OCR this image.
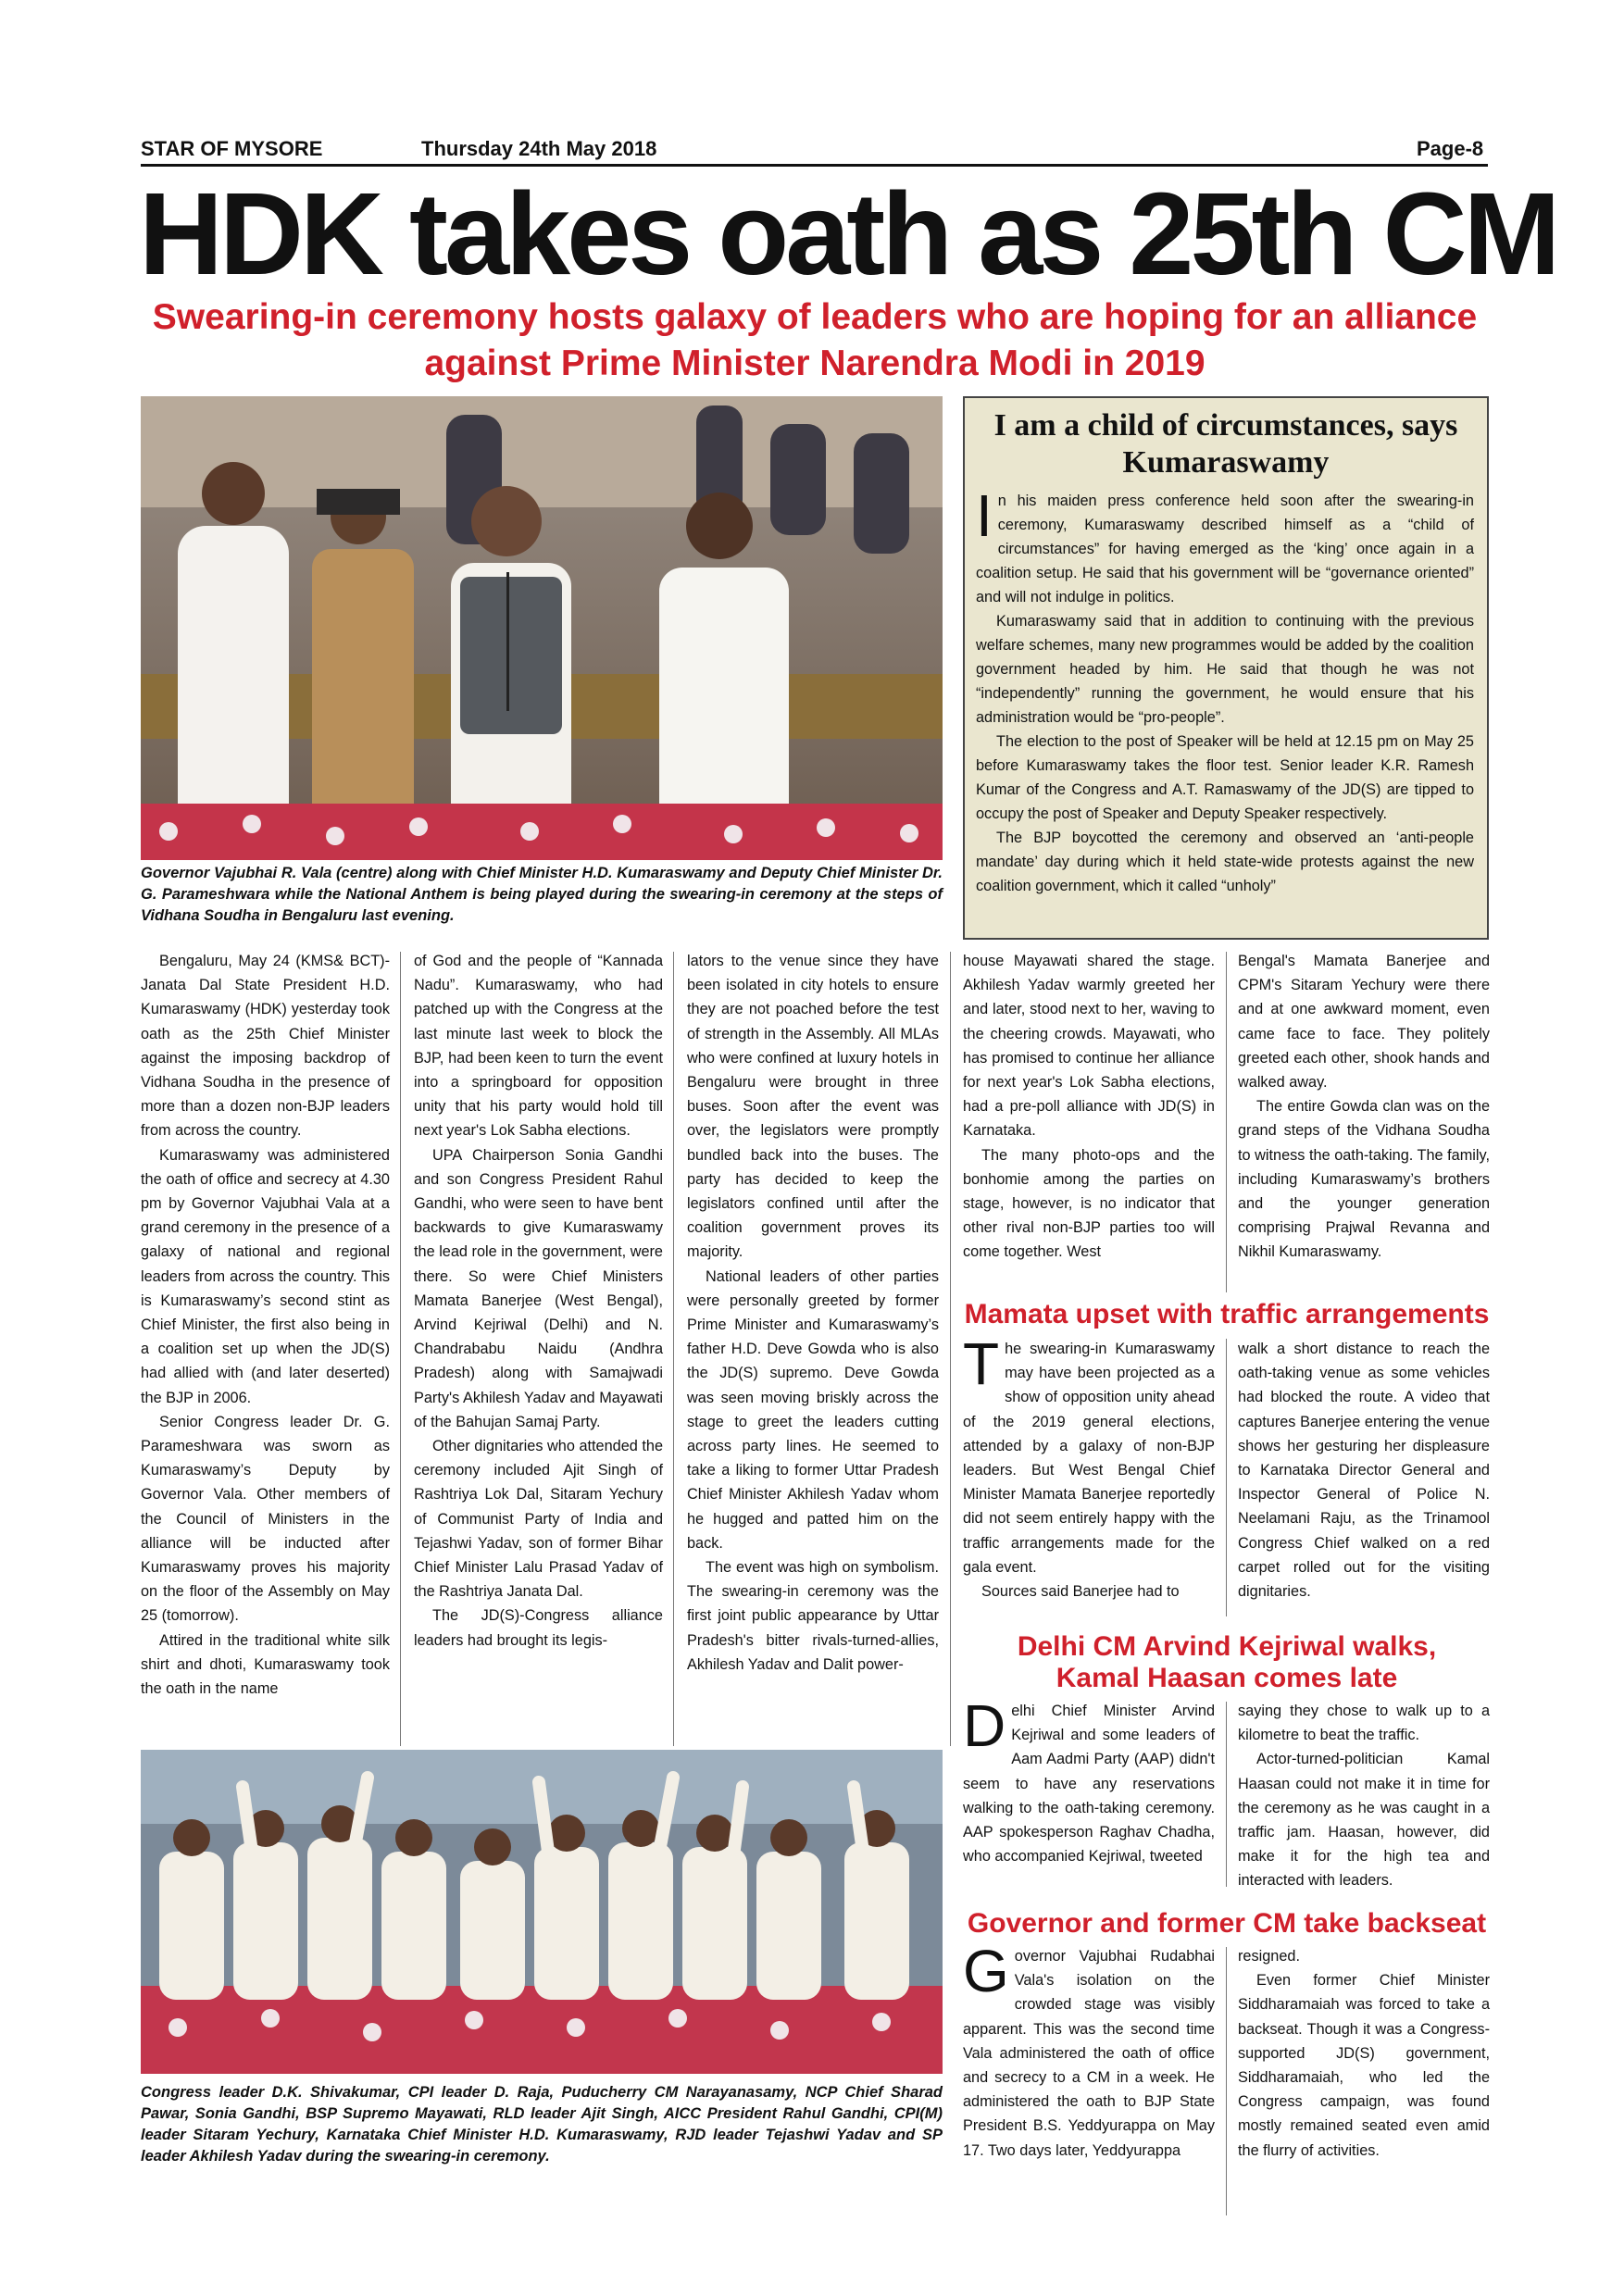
STAR OF MYSORE	Thursday 24th May 2018	Page-8
HDK takes oath as 25th CM
Swearing-in ceremony hosts galaxy of leaders who are hoping for an alliance against Prime Minister Narendra Modi in 2019
Governor Vajubhai R. Vala (centre) along with Chief Minister H.D. Kumaraswamy and Deputy Chief Minister Dr. G. Parameshwara while the National Anthem is being played during the swearing-in ceremony at the steps of Vidhana Soudha in Bengaluru last evening.
I am a child of circumstances, says Kumaraswamy

In his maiden press conference held soon after the swearing-in ceremony, Kumaraswamy described himself as a “child of circumstances” for having emerged as the ‘king’ once again in a coalition setup. He said that his government will be “governance oriented” and will not indulge in politics.

Kumaraswamy said that in addition to continuing with the previous welfare schemes, many new programmes would be added by the coalition government headed by him. He said that though he was not “independently” running the government, he would ensure that his administration would be “pro-people”.

The election to the post of Speaker will be held at 12.15 pm on May 25 before Kumaraswamy takes the floor test. Senior leader K.R. Ramesh Kumar of the Congress and A.T. Ramaswamy of the JD(S) are tipped to occupy the post of Speaker and Deputy Speaker respectively.

The BJP boycotted the ceremony and observed an ‘anti-people mandate’ day during which it held state-wide protests against the new coalition government, which it called “unholy”

Bengaluru, May 24 (KMS& BCT)- Janata Dal State President H.D. Kumaraswamy (HDK) yesterday took oath as the 25th Chief Minister against the imposing backdrop of Vidhana Soudha in the presence of more than a dozen non-BJP leaders from across the country.

Kumaraswamy was administered the oath of office and secrecy at 4.30 pm by Governor Vajubhai Vala at a grand ceremony in the presence of a galaxy of national and regional leaders from across the country. This is Kumaraswamy’s second stint as Chief Minister, the first also being in a coalition set up when the JD(S) had allied with (and later deserted) the BJP in 2006.

Senior Congress leader Dr. G. Parameshwara was sworn as Kumaraswamy’s Deputy by Governor Vala. Other members of the Council of Ministers in the alliance will be inducted after Kumaraswamy proves his majority on the floor of the Assembly on May 25 (tomorrow).

Attired in the traditional white silk shirt and dhoti, Kumaraswamy took the oath in the name

of God and the people of “Kannada Nadu”. Kumaraswamy, who had patched up with the Congress at the last minute last week to block the BJP, had been keen to turn the event into a springboard for opposition unity that his party would hold till next year's Lok Sabha elections.

UPA Chairperson Sonia Gandhi and son Congress President Rahul Gandhi, who were seen to have bent backwards to give Kumaraswamy the lead role in the government, were there. So were Chief Ministers Mamata Banerjee (West Bengal), Arvind Kejriwal (Delhi) and N. Chandrababu Naidu (Andhra Pradesh) along with Samajwadi Party's Akhilesh Yadav and Mayawati of the Bahujan Samaj Party.

Other dignitaries who attended the ceremony included Ajit Singh of Rashtriya Lok Dal, Sitaram Yechury of Communist Party of India and Tejashwi Yadav, son of former Bihar Chief Minister Lalu Prasad Yadav of the Rashtriya Janata Dal.

The JD(S)-Congress alliance leaders had brought its legis-

lators to the venue since they have been isolated in city hotels to ensure they are not poached before the test of strength in the Assembly. All MLAs who were confined at luxury hotels in Bengaluru were brought in three buses. Soon after the event was over, the legislators were promptly bundled back into the buses. The party has decided to keep the legislators confined until after the coalition government proves its majority.

National leaders of other parties were personally greeted by former Prime Minister and Kumaraswamy’s father H.D. Deve Gowda who is also the JD(S) supremo. Deve Gowda was seen moving briskly across the stage to greet the leaders cutting across party lines. He seemed to take a liking to former Uttar Pradesh Chief Minister Akhilesh Yadav whom he hugged and patted him on the back.

The event was high on symbolism. The swearing-in ceremony was the first joint public appearance by Uttar Pradesh's bitter rivals-turned-allies, Akhilesh Yadav and Dalit power-

house Mayawati shared the stage. Akhilesh Yadav warmly greeted her and later, stood next to her, waving to the cheering crowds. Mayawati, who has promised to continue her alliance for next year's Lok Sabha elections, had a pre-poll alliance with JD(S) in Karnataka.

The many photo-ops and the bonhomie among the parties on stage, however, is no indicator that other rival non-BJP parties too will come together. West

Bengal's Mamata Banerjee and CPM's Sitaram Yechury were there and at one awkward moment, even came face to face. They politely greeted each other, shook hands and walked away.

The entire Gowda clan was on the grand steps of the Vidhana Soudha to witness the oath-taking. The family, including Kumaraswamy’s brothers and the younger generation comprising Prajwal Revanna and Nikhil Kumaraswamy.

Mamata upset with traffic arrangements

The swearing-in Kumaraswamy may have been projected as a show of opposition unity ahead of the 2019 general elections, attended by a galaxy of non-BJP leaders. But West Bengal Chief Minister Mamata Banerjee reportedly did not seem entirely happy with the traffic arrangements made for the gala event.

Sources said Banerjee had to

walk a short distance to reach the oath-taking venue as some vehicles had blocked the route. A video that captures Banerjee entering the venue shows her gesturing her displeasure to Karnataka Director General and Inspector General of Police N. Neelamani Raju, as the Trinamool Congress Chief walked on a red carpet rolled out for the visiting dignitaries.

Delhi CM Arvind Kejriwal walks, Kamal Haasan comes late

Delhi Chief Minister Arvind Kejriwal and some leaders of Aam Aadmi Party (AAP) didn't seem to have any reservations walking to the oath-taking ceremony. AAP spokesperson Raghav Chadha, who accompanied Kejriwal, tweeted

saying they chose to walk up to a kilometre to beat the traffic.

Actor-turned-politician Kamal Haasan could not make it in time for the ceremony as he was caught in a traffic jam. Haasan, however, did make it for the high tea and interacted with leaders.

Governor and former CM take backseat

Governor Vajubhai Rudabhai Vala's isolation on the crowded stage was visibly apparent. This was the second time Vala administered the oath of office and secrecy to a CM in a week. He administered the oath to BJP State President B.S. Yeddyurappa on May 17. Two days later, Yeddyurappa

resigned.

Even former Chief Minister Siddharamaiah was forced to take a backseat. Though it was a Congress-supported JD(S) government, Siddharamaiah, who led the Congress campaign, was found mostly remained seated even amid the flurry of activities.

Congress leader D.K. Shivakumar, CPI leader D. Raja, Puducherry CM Narayanasamy, NCP Chief Sharad Pawar, Sonia Gandhi, BSP Supremo Mayawati, RLD leader Ajit Singh, AICC President Rahul Gandhi, CPI(M) leader Sitaram Yechury, Karnataka Chief Minister H.D. Kumaraswamy, RJD leader Tejashwi Yadav and SP leader Akhilesh Yadav during the swearing-in ceremony.
